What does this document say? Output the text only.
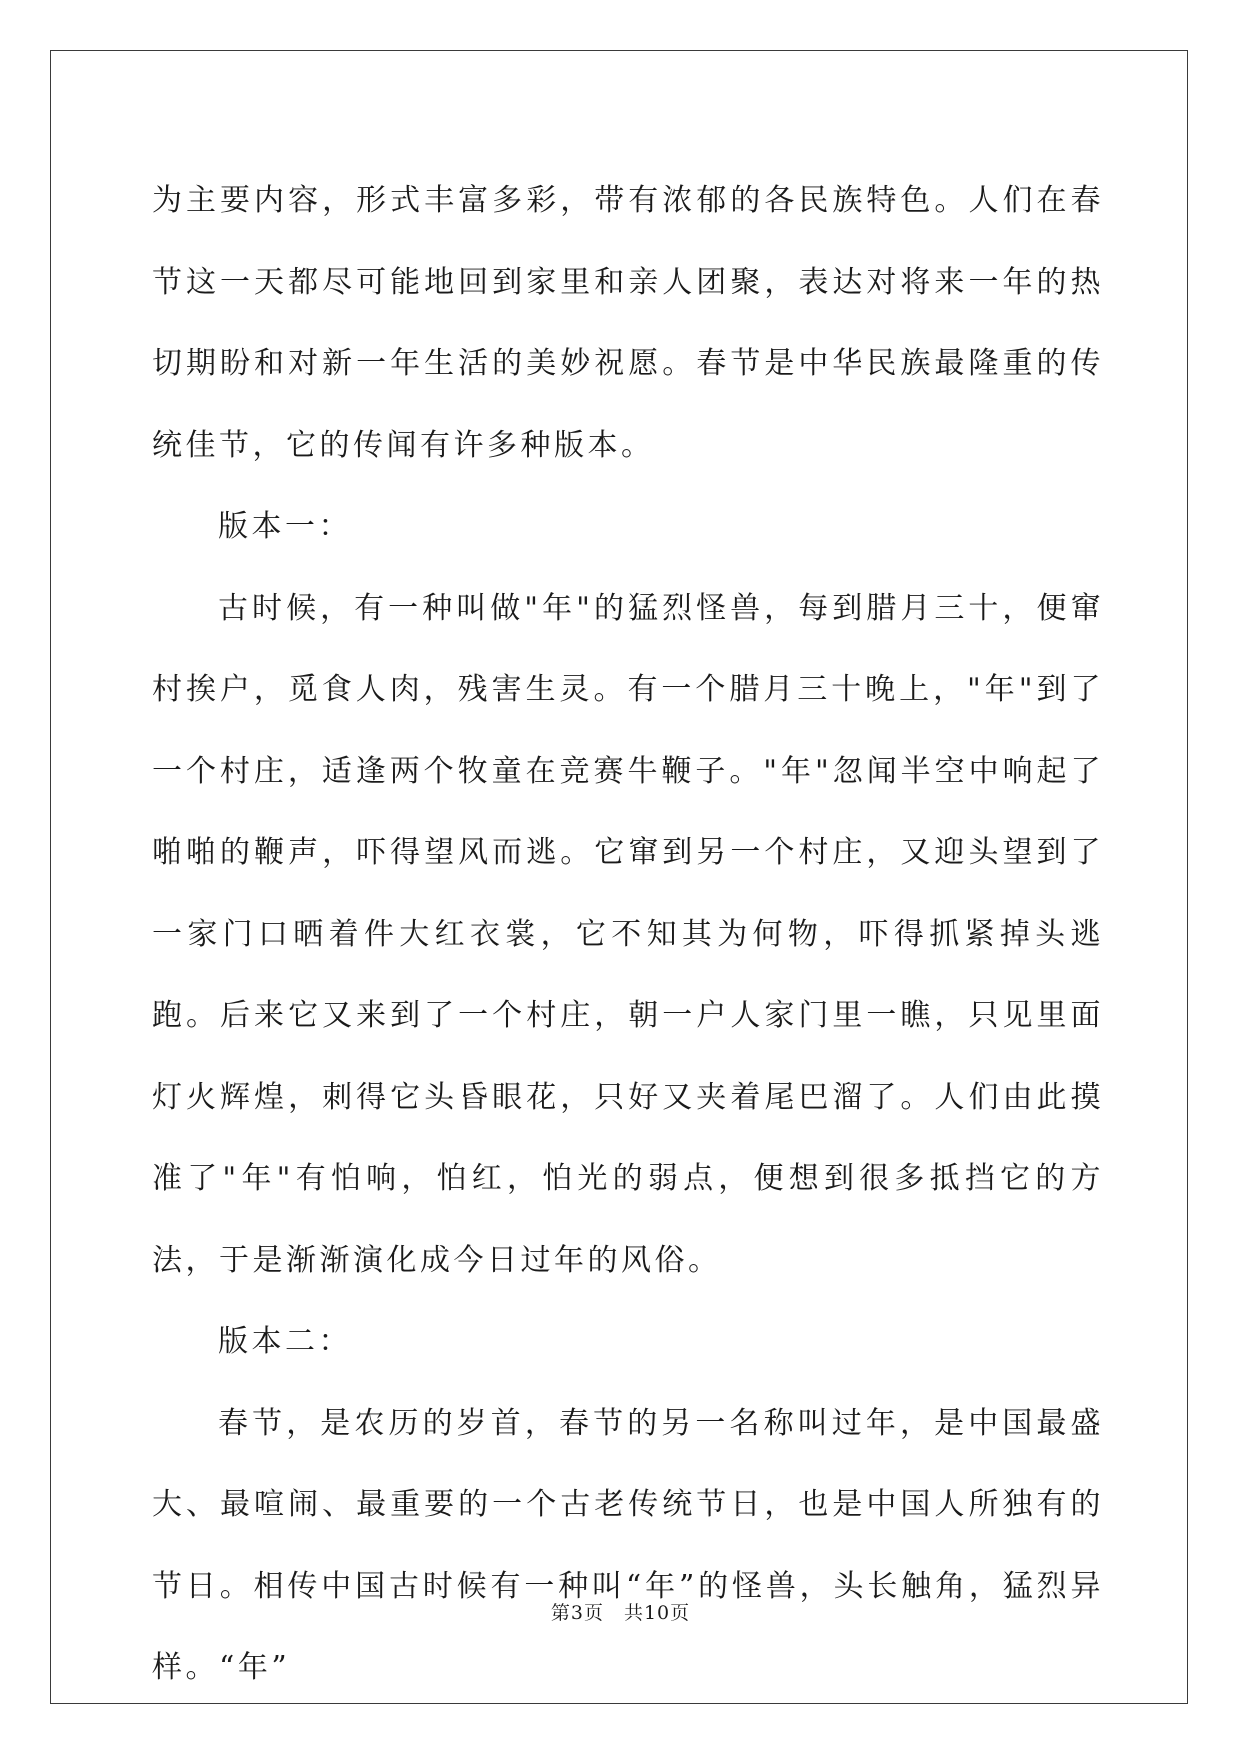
为主要内容，形式丰富多彩，带有浓郁的各民族特色。人们在春节这一天都尽可能地回到家里和亲人团聚，表达对将来一年的热切期盼和对新一年生活的美妙祝愿。春节是中华民族最隆重的传统佳节，它的传闻有许多种版本。

版本一：

古时候，有一种叫做"年"的猛烈怪兽，每到腊月三十，便窜村挨户，觅食人肉，残害生灵。有一个腊月三十晚上，"年"到了一个村庄，适逢两个牧童在竞赛牛鞭子。"年"忽闻半空中响起了啪啪的鞭声，吓得望风而逃。它窜到另一个村庄，又迎头望到了一家门口晒着件大红衣裳，它不知其为何物，吓得抓紧掉头逃跑。后来它又来到了一个村庄，朝一户人家门里一瞧，只见里面灯火辉煌，刺得它头昏眼花，只好又夹着尾巴溜了。人们由此摸准了"年"有怕响，怕红，怕光的弱点，便想到很多抵挡它的方法，于是渐渐演化成今日过年的风俗。

版本二：

春节，是农历的岁首，春节的另一名称叫过年，是中国最盛大、最喧闹、最重要的一个古老传统节日，也是中国人所独有的节日。相传中国古时候有一种叫“年”的怪兽，头长触角，猛烈异样。“年”

第3页 共10页
